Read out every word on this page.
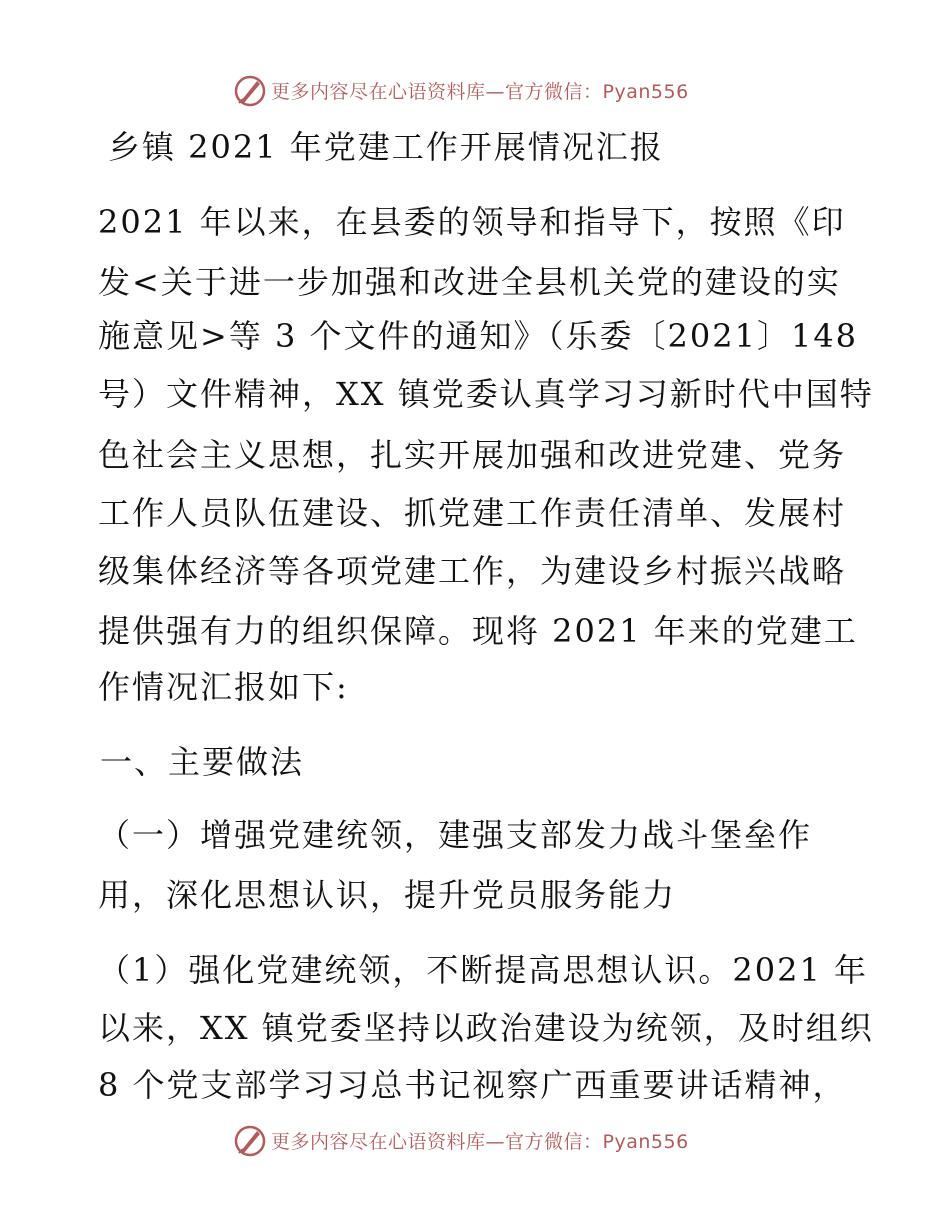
更多内容尽在心语资料库—官方微信：Pyan556
乡镇 2021 年党建工作开展情况汇报
2021 年以来，在县委的领导和指导下，按照《印
发<关于进一步加强和改进全县机关党的建设的实
施意见>等 3 个文件的通知》（乐委〔2021〕148
号）文件精神，XX 镇党委认真学习习新时代中国特
色社会主义思想，扎实开展加强和改进党建、党务
工作人员队伍建设、抓党建工作责任清单、发展村
级集体经济等各项党建工作，为建设乡村振兴战略
提供强有力的组织保障。现将 2021 年来的党建工
作情况汇报如下:
一、主要做法
（一）增强党建统领，建强支部发力战斗堡垒作
用，深化思想认识，提升党员服务能力
（1）强化党建统领，不断提高思想认识。2021 年
以来，XX 镇党委坚持以政治建设为统领，及时组织
8 个党支部学习习总书记视察广西重要讲话精神，
更多内容尽在心语资料库—官方微信：Pyan556
